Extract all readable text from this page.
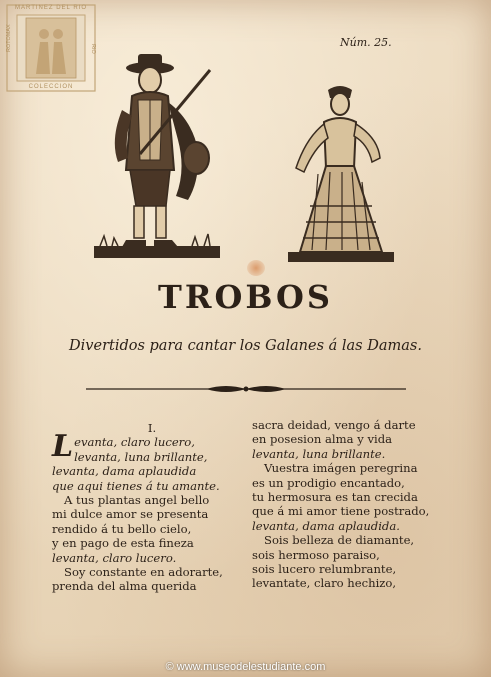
ROTOMAX	RIO
MARTINEZ DEL RIO
COLECCION
Núm. 25.
TROBOS
Divertidos para cantar los Galanes á las Damas.
I.
Levanta, claro lucero,
levanta, luna brillante,
levanta, dama aplaudida
que aqui tienes á tu amante.
A tus plantas angel bello
mi dulce amor se presenta
rendido á tu bello cielo,
y en pago de esta fineza
levanta, claro lucero.
Soy constante en adorarte,
prenda del alma querida
sacra deidad, vengo á darte
en posesion alma y vida
levanta, luna brillante.
Vuestra imágen peregrina
es un prodigio encantado,
tu hermosura es tan crecida
que á mi amor tiene postrado,
levanta, dama aplaudida.
Sois belleza de diamante,
sois hermoso paraiso,
sois lucero relumbrante,
levantate, claro hechizo,
© www.museodelestudiante.com
